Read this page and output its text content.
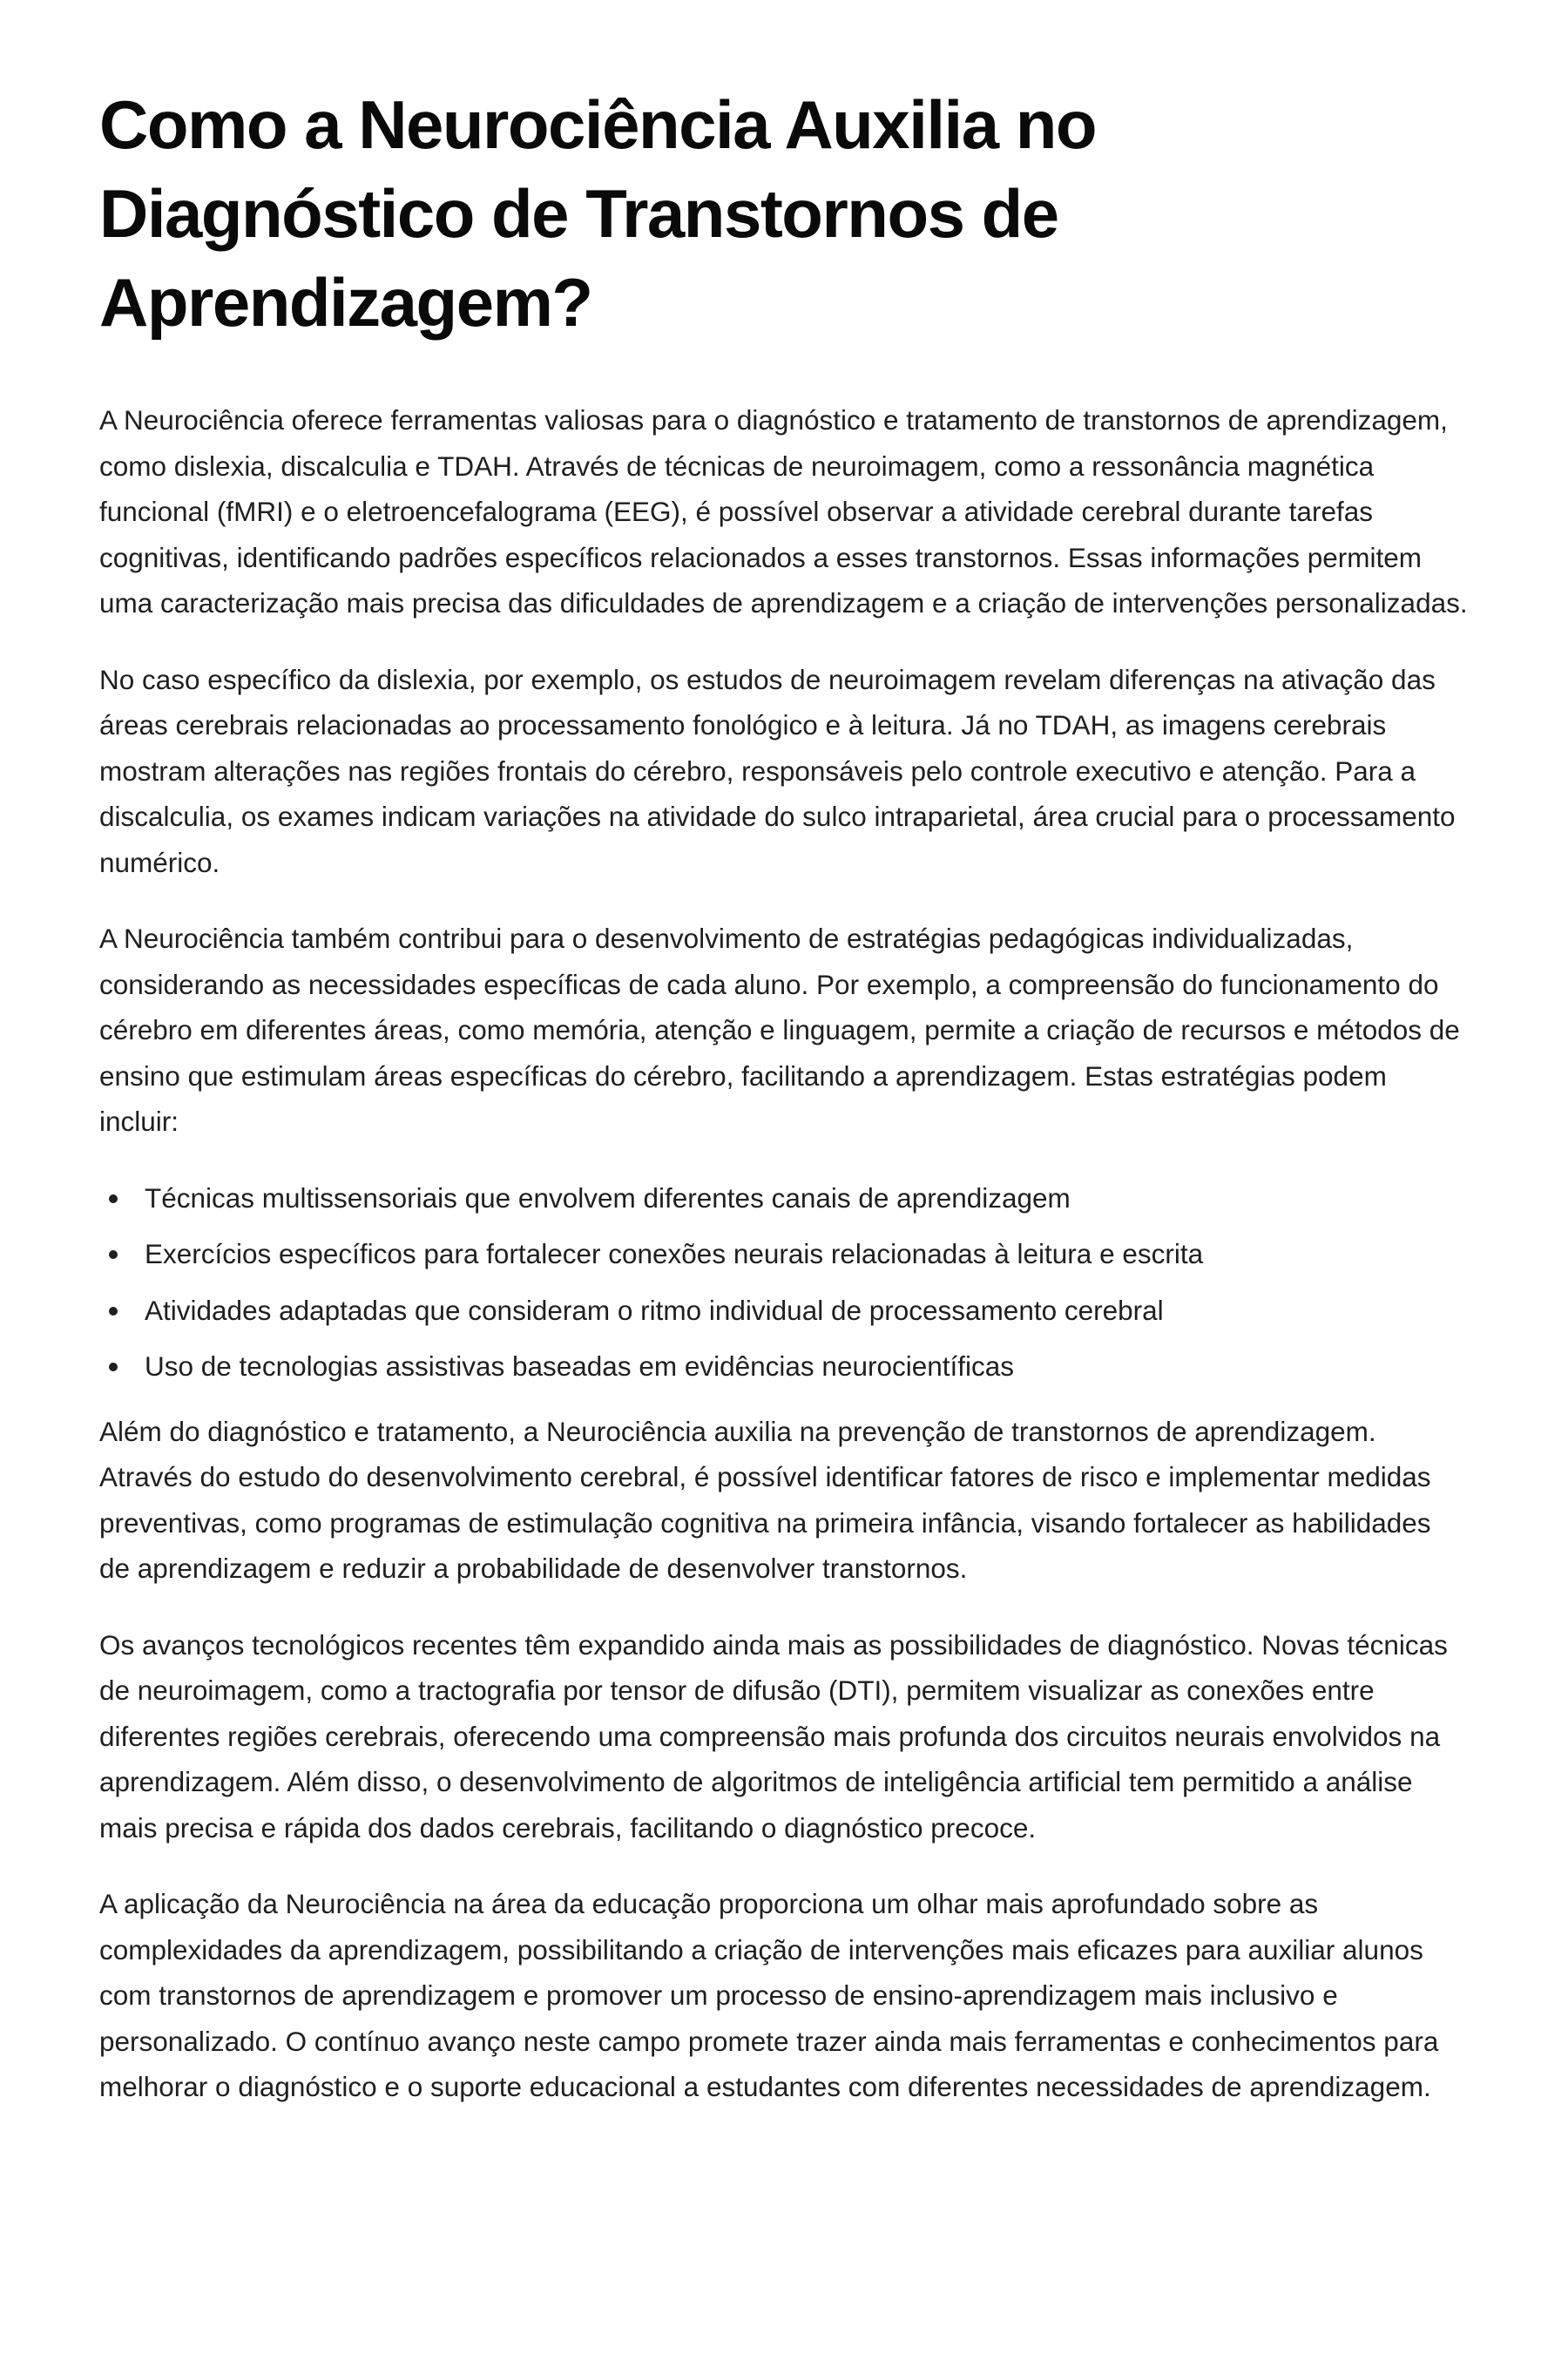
Como a Neurociência Auxilia no Diagnóstico de Transtornos de Aprendizagem?

A Neurociência oferece ferramentas valiosas para o diagnóstico e tratamento de transtornos de aprendizagem, como dislexia, discalculia e TDAH. Através de técnicas de neuroimagem, como a ressonância magnética funcional (fMRI) e o eletroencefalograma (EEG), é possível observar a atividade cerebral durante tarefas cognitivas, identificando padrões específicos relacionados a esses transtornos. Essas informações permitem uma caracterização mais precisa das dificuldades de aprendizagem e a criação de intervenções personalizadas.

No caso específico da dislexia, por exemplo, os estudos de neuroimagem revelam diferenças na ativação das áreas cerebrais relacionadas ao processamento fonológico e à leitura. Já no TDAH, as imagens cerebrais mostram alterações nas regiões frontais do cérebro, responsáveis pelo controle executivo e atenção. Para a discalculia, os exames indicam variações na atividade do sulco intraparietal, área crucial para o processamento numérico.

A Neurociência também contribui para o desenvolvimento de estratégias pedagógicas individualizadas, considerando as necessidades específicas de cada aluno. Por exemplo, a compreensão do funcionamento do cérebro em diferentes áreas, como memória, atenção e linguagem, permite a criação de recursos e métodos de ensino que estimulam áreas específicas do cérebro, facilitando a aprendizagem. Estas estratégias podem incluir:

Técnicas multissensoriais que envolvem diferentes canais de aprendizagem
Exercícios específicos para fortalecer conexões neurais relacionadas à leitura e escrita
Atividades adaptadas que consideram o ritmo individual de processamento cerebral
Uso de tecnologias assistivas baseadas em evidências neurocientíficas

Além do diagnóstico e tratamento, a Neurociência auxilia na prevenção de transtornos de aprendizagem. Através do estudo do desenvolvimento cerebral, é possível identificar fatores de risco e implementar medidas preventivas, como programas de estimulação cognitiva na primeira infância, visando fortalecer as habilidades de aprendizagem e reduzir a probabilidade de desenvolver transtornos.

Os avanços tecnológicos recentes têm expandido ainda mais as possibilidades de diagnóstico. Novas técnicas de neuroimagem, como a tractografia por tensor de difusão (DTI), permitem visualizar as conexões entre diferentes regiões cerebrais, oferecendo uma compreensão mais profunda dos circuitos neurais envolvidos na aprendizagem. Além disso, o desenvolvimento de algoritmos de inteligência artificial tem permitido a análise mais precisa e rápida dos dados cerebrais, facilitando o diagnóstico precoce.

A aplicação da Neurociência na área da educação proporciona um olhar mais aprofundado sobre as complexidades da aprendizagem, possibilitando a criação de intervenções mais eficazes para auxiliar alunos com transtornos de aprendizagem e promover um processo de ensino-aprendizagem mais inclusivo e personalizado. O contínuo avanço neste campo promete trazer ainda mais ferramentas e conhecimentos para melhorar o diagnóstico e o suporte educacional a estudantes com diferentes necessidades de aprendizagem.
